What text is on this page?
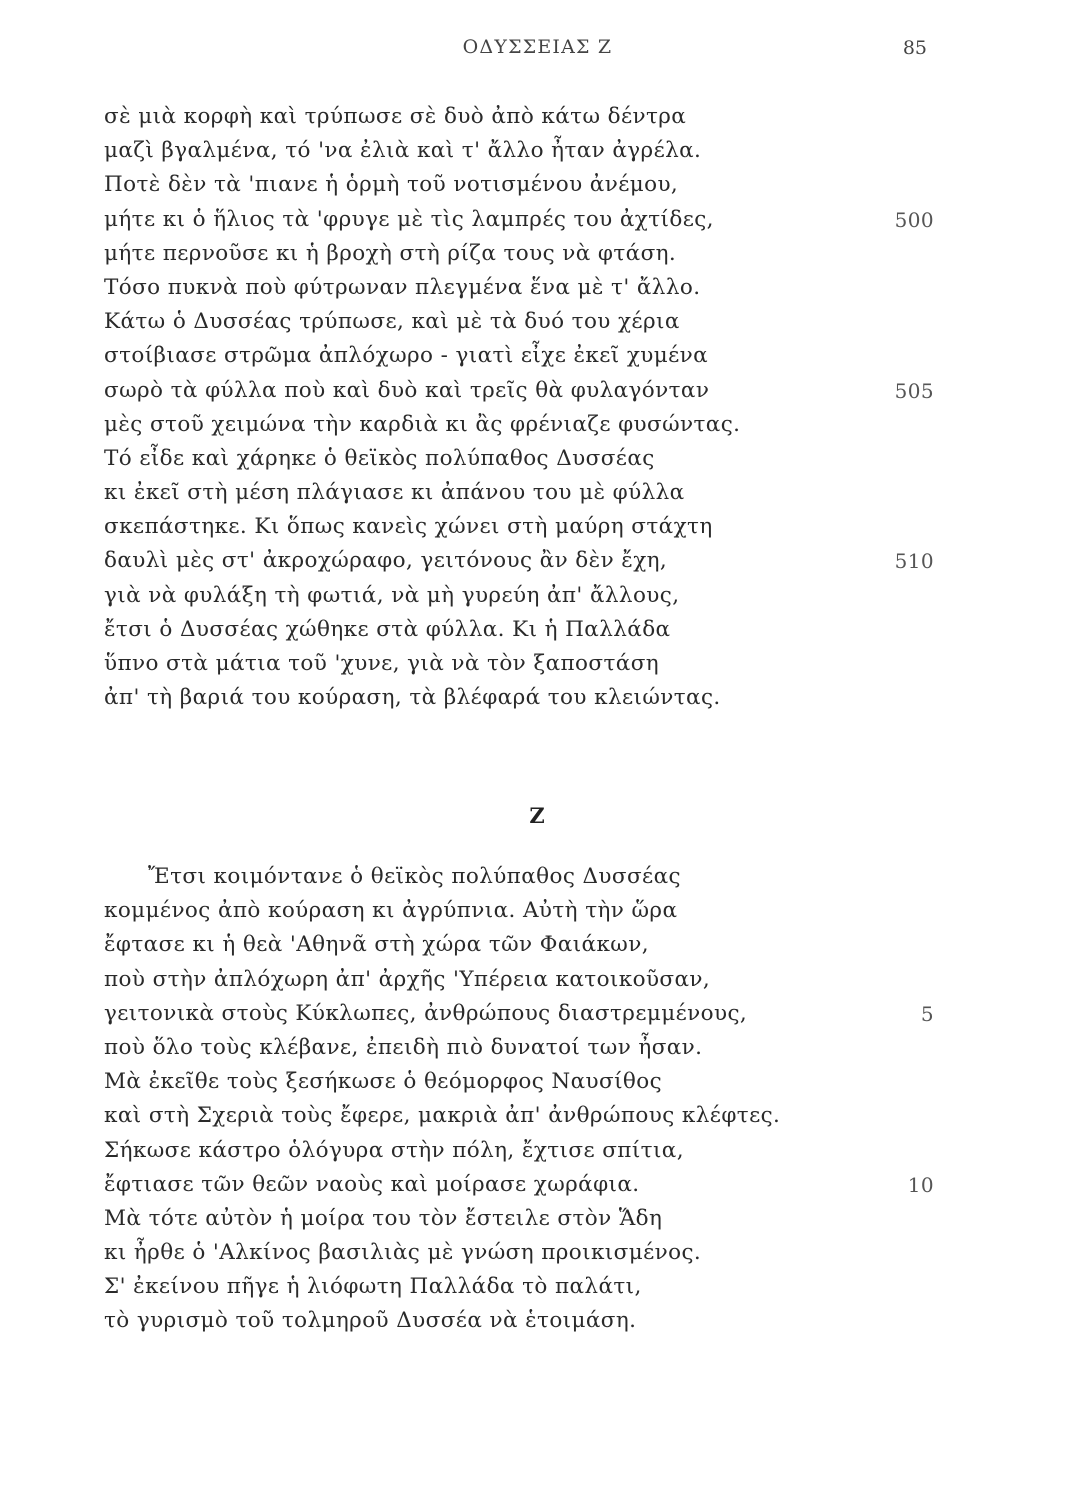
ΟΔΥΣΣΕΙΑΣ Ζ	85
σὲ μιὰ κορφὴ καὶ τρύπωσε σὲ δυὸ ἀπὸ κάτω δέντρα
μαζὶ βγαλμένα, τό 'να ἐλιὰ καὶ τ' ἄλλο ἦταν ἀγρέλα.
Ποτὲ δὲν τὰ 'πιανε ἡ ὁρμὴ τοῦ νοτισμένου ἀνέμου,
μήτε κι ὁ ἥλιος τὰ 'φρυγε μὲ τὶς λαμπρές του ἀχτίδες,	500
μήτε περνοῦσε κι ἡ βροχὴ στὴ ρίζα τους νὰ φτάση.
Τόσο πυκνὰ ποὺ φύτρωναν πλεγμένα ἕνα μὲ τ' ἄλλο.
Κάτω ὁ Δυσσέας τρύπωσε, καὶ μὲ τὰ δυό του χέρια
στοίβιασε στρῶμα ἀπλόχωρο - γιατὶ εἶχε ἐκεῖ χυμένα
σωρὸ τὰ φύλλα ποὺ καὶ δυὸ καὶ τρεῖς θὰ φυλαγόνταν	505
μὲς στοῦ χειμώνα τὴν καρδιὰ κι ἂς φρένιαζε φυσώντας.
Τό εἶδε καὶ χάρηκε ὁ θεϊκὸς πολύπαθος Δυσσέας
κι ἐκεῖ στὴ μέση πλάγιασε κι ἀπάνου του μὲ φύλλα
σκεπάστηκε. Κι ὅπως κανεὶς χώνει στὴ μαύρη στάχτη
δαυλὶ μὲς στ' ἀκροχώραφο, γειτόνους ἂν δὲν ἔχη,	510
γιὰ νὰ φυλάξη τὴ φωτιά, νὰ μὴ γυρεύη ἀπ' ἄλλους,
ἔτσι ὁ Δυσσέας χώθηκε στὰ φύλλα. Κι ἡ Παλλάδα
ὕπνο στὰ μάτια τοῦ 'χυνε, γιὰ νὰ τὸν ξαποστάση
ἀπ' τὴ βαριά του κούραση, τὰ βλέφαρά του κλειώντας.
Ζ
Ἔτσι κοιμόντανε ὁ θεϊκὸς πολύπαθος Δυσσέας
κομμένος ἀπὸ κούραση κι ἀγρύπνια. Αὐτὴ τὴν ὥρα
ἔφτασε κι ἡ θεὰ 'Αθηνᾶ στὴ χώρα τῶν Φαιάκων,
ποὺ στὴν ἀπλόχωρη ἀπ' ἀρχῆς 'Υπέρεια κατοικοῦσαν,
γειτονικὰ στοὺς Κύκλωπες, ἀνθρώπους διαστρεμμένους,	5
ποὺ ὅλο τοὺς κλέβανε, ἐπειδὴ πιὸ δυνατοί των ἦσαν.
Μὰ ἐκεῖθε τοὺς ξεσήκωσε ὁ θεόμορφος Ναυσίθος
καὶ στὴ Σχεριὰ τοὺς ἔφερε, μακριὰ ἀπ' ἀνθρώπους κλέφτες.
Σήκωσε κάστρο ὁλόγυρα στὴν πόλη, ἔχτισε σπίτια,
ἔφτιασε τῶν θεῶν ναοὺς καὶ μοίρασε χωράφια.	10
Μὰ τότε αὐτὸν ἡ μοίρα του τὸν ἔστειλε στὸν Ἅδη
κι ἦρθε ὁ 'Αλκίνος βασιλιὰς μὲ γνώση προικισμένος.
Σ' ἐκείνου πῆγε ἡ λιόφωτη Παλλάδα τὸ παλάτι,
τὸ γυρισμὸ τοῦ τολμηροῦ Δυσσέα νὰ ἑτοιμάση.
